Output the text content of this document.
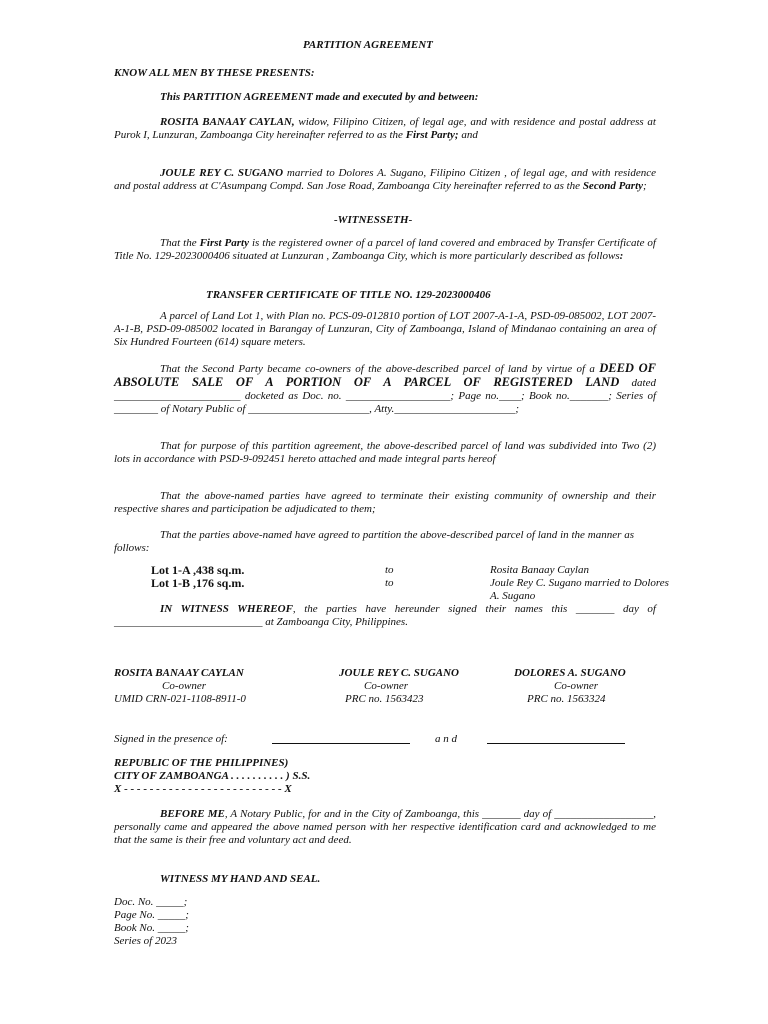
PARTITION AGREEMENT
KNOW ALL MEN BY THESE PRESENTS:
This PARTITION AGREEMENT made and executed by and between:
ROSITA BANAAY CAYLAN, widow, Filipino Citizen, of legal age, and with residence and postal address at Purok I, Lunzuran, Zamboanga City hereinafter referred to as the First Party; and
JOULE REY C. SUGANO married to Dolores A. Sugano, Filipino Citizen , of legal age, and with residence and postal address at C'Asumpang Compd. San Jose Road, Zamboanga City hereinafter referred to as the Second Party;
-WITNESSETH-
That the First Party is the registered owner of a parcel of land covered and embraced by Transfer Certificate of Title No. 129-2023000406 situated at Lunzuran , Zamboanga City, which is more particularly described as follows:
TRANSFER CERTIFICATE OF TITLE NO. 129-2023000406
A parcel of Land Lot 1, with Plan no. PCS-09-012810 portion of LOT 2007-A-1-A, PSD-09-085002, LOT 2007-A-1-B, PSD-09-085002 located in Barangay of Lunzuran, City of Zamboanga, Island of Mindanao containing an area of Six Hundred Fourteen (614) square meters.
That the Second Party became co-owners of the above-described parcel of land by virtue of a DEED OF ABSOLUTE SALE OF A PORTION OF A PARCEL OF REGISTERED LAND dated _______________________ docketed as Doc. no. ___________________; Page no.____; Book no._______; Series of ________ of Notary Public of ______________________, Atty.______________________;
That for purpose of this partition agreement, the above-described parcel of land was subdivided into Two (2) lots in accordance with PSD-9-092451 hereto attached and made integral parts hereof
That the above-named parties have agreed to terminate their existing community of ownership and their respective shares and participation be adjudicated to them;
That the parties above-named have agreed to partition the above-described parcel of land in the manner as follows:
Lot 1-A ,438 sq.m.	to	Rosita Banaay Caylan
Lot 1-B ,176 sq.m.	to	Joule Rey C. Sugano married to Dolores A. Sugano
IN WITNESS WHEREOF, the parties have hereunder signed their names this _______ day of ___________________________ at Zamboanga City, Philippines.
ROSITA BANAAY CAYLAN
Co-owner
UMID CRN-021-1108-8911-0
JOULE REY C. SUGANO
Co-owner
PRC no. 1563423
DOLORES A. SUGANO
Co-owner
PRC no. 1563324
Signed in the presence of:	a n d
REPUBLIC OF THE PHILIPPINES)
CITY OF ZAMBOANGA . . . . . . . . . . ) S.S.
X - - - - - - - - - - - - - - - - - - - - - - - - - X
BEFORE ME, A Notary Public, for and in the City of Zamboanga, this _______ day of __________________, personally came and appeared the above named person with her respective identification card and acknowledged to me that the same is their free and voluntary act and deed.
WITNESS MY HAND AND SEAL.
Doc. No. _____;
Page No. _____;
Book No. _____;
Series of 2023
